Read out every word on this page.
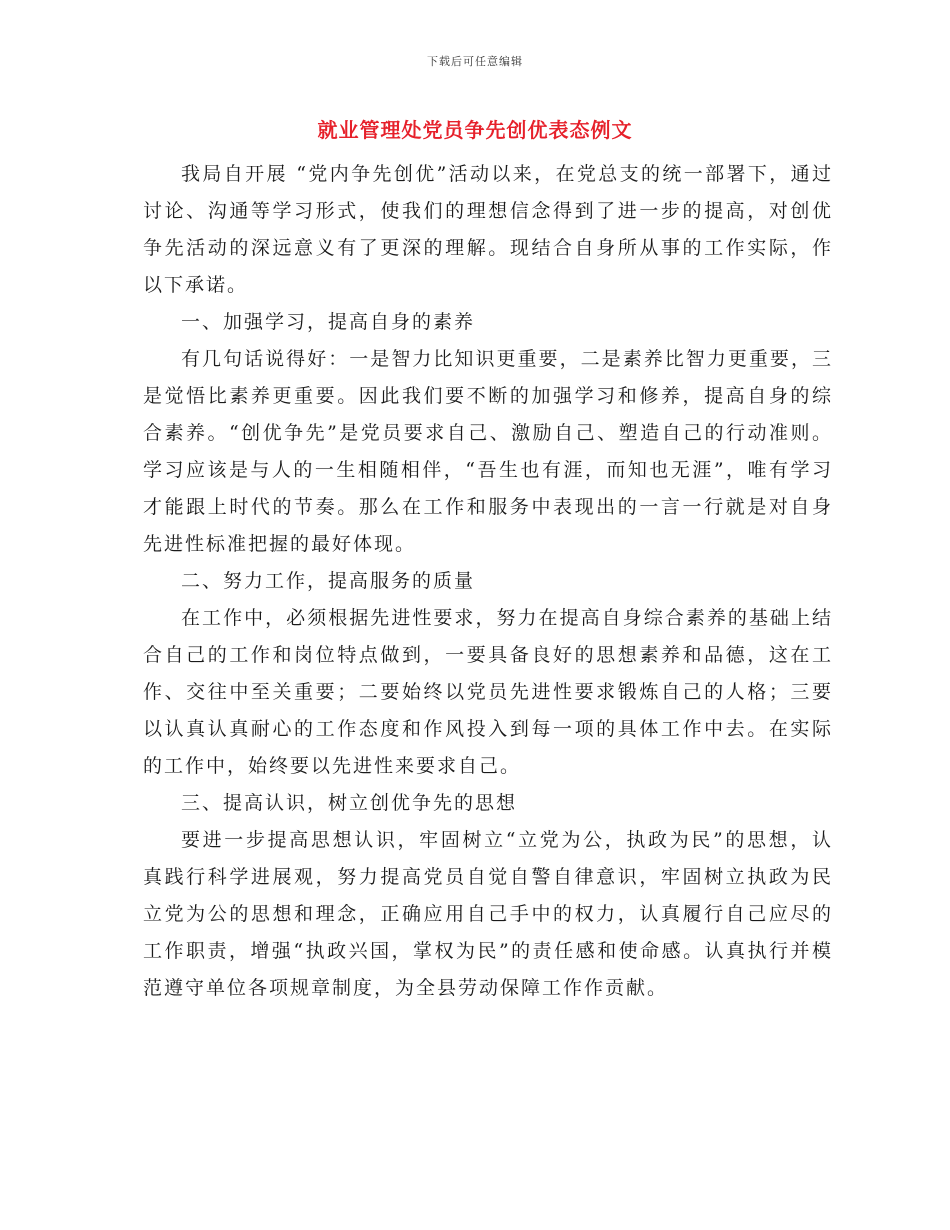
下载后可任意编辑
就业管理处党员争先创优表态例文

我局自开展 “党内争先创优”活动以来，在党总支的统一部署下，通过讨论、沟通等学习形式，使我们的理想信念得到了进一步的提高，对创优争先活动的深远意义有了更深的理解。现结合自身所从事的工作实际，作以下承诺。

一、加强学习，提高自身的素养

有几句话说得好：一是智力比知识更重要，二是素养比智力更重要，三是觉悟比素养更重要。因此我们要不断的加强学习和修养，提高自身的综合素养。“创优争先”是党员要求自己、激励自己、塑造自己的行动准则。学习应该是与人的一生相随相伴，“吾生也有涯，而知也无涯”，唯有学习才能跟上时代的节奏。那么在工作和服务中表现出的一言一行就是对自身先进性标准把握的最好体现。

二、努力工作，提高服务的质量

在工作中，必须根据先进性要求，努力在提高自身综合素养的基础上结合自己的工作和岗位特点做到，一要具备良好的思想素养和品德，这在工作、交往中至关重要；二要始终以党员先进性要求锻炼自己的人格；三要以认真认真耐心的工作态度和作风投入到每一项的具体工作中去。在实际的工作中，始终要以先进性来要求自己。

三、提高认识，树立创优争先的思想

要进一步提高思想认识，牢固树立“立党为公，执政为民”的思想，认真践行科学进展观，努力提高党员自觉自警自律意识，牢固树立执政为民立党为公的思想和理念，正确应用自己手中的权力，认真履行自己应尽的工作职责，增强“执政兴国，掌权为民”的责任感和使命感。认真执行并模范遵守单位各项规章制度，为全县劳动保障工作作贡献。
